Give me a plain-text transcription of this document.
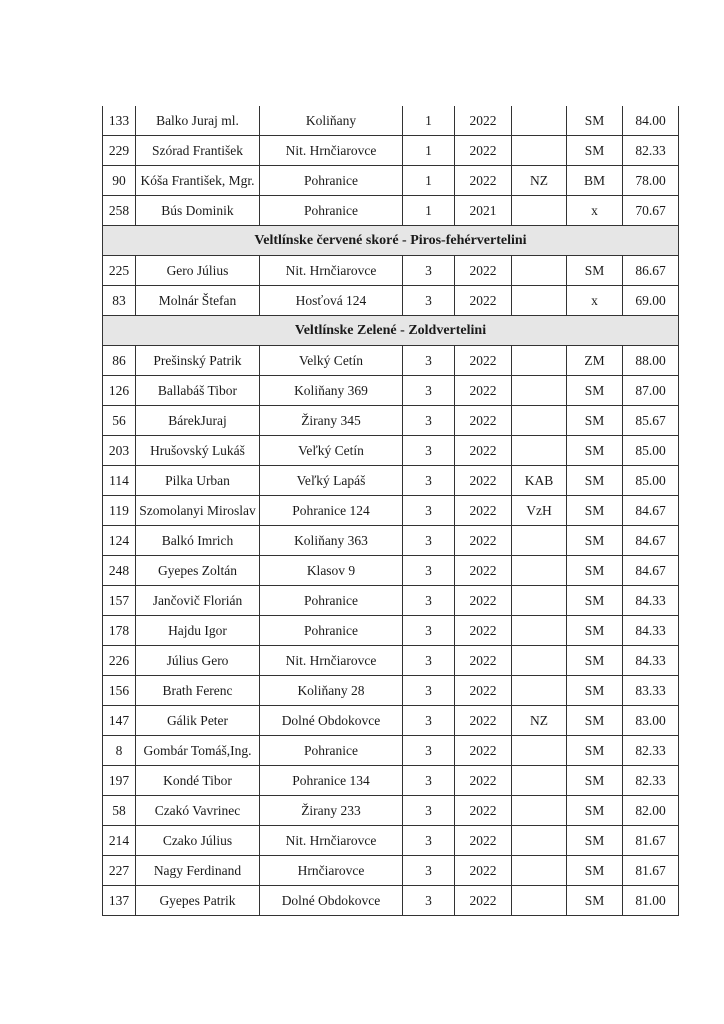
133	Balko Juraj ml.	Koliňany	1	2022		SM	84.00
229	Szórad František	Nit. Hrnčiarovce	1	2022		SM	82.33
90	Kóša František, Mgr.	Pohranice	1	2022	NZ	BM	78.00
258	Bús Dominik	Pohranice	1	2021		x	70.67
Veltlínske červené skoré - Piros-fehérvertelini							
225	Gero Július	Nit. Hrnčiarovce	3	2022		SM	86.67
83	Molnár Štefan	Hosťová 124	3	2022		x	69.00
Veltlínske Zelené - Zoldvertelini							
86	Prešinský Patrik	Velký Cetín	3	2022		ZM	88.00
126	Ballabáš Tibor	Koliňany 369	3	2022		SM	87.00
56	BárekJuraj	Žirany 345	3	2022		SM	85.67
203	Hrušovský Lukáš	Veľký Cetín	3	2022		SM	85.00
114	Pilka Urban	Veľký Lapáš	3	2022	KAB	SM	85.00
119	Szomolanyi Miroslav	Pohranice 124	3	2022	VzH	SM	84.67
124	Balkó Imrich	Koliňany 363	3	2022		SM	84.67
248	Gyepes Zoltán	Klasov 9	3	2022		SM	84.67
157	Jančovič Florián	Pohranice	3	2022		SM	84.33
178	Hajdu Igor	Pohranice	3	2022		SM	84.33
226	Július Gero	Nit. Hrnčiarovce	3	2022		SM	84.33
156	Brath Ferenc	Koliňany 28	3	2022		SM	83.33
147	Gálik Peter	Dolné Obdokovce	3	2022	NZ	SM	83.00
8	Gombár Tomáš,Ing.	Pohranice	3	2022		SM	82.33
197	Kondé Tibor	Pohranice 134	3	2022		SM	82.33
58	Czakó Vavrinec	Žirany 233	3	2022		SM	82.00
214	Czako Július	Nit. Hrnčiarovce	3	2022		SM	81.67
227	Nagy Ferdinand	Hrnčiarovce	3	2022		SM	81.67
137	Gyepes Patrik	Dolné Obdokovce	3	2022		SM	81.00
